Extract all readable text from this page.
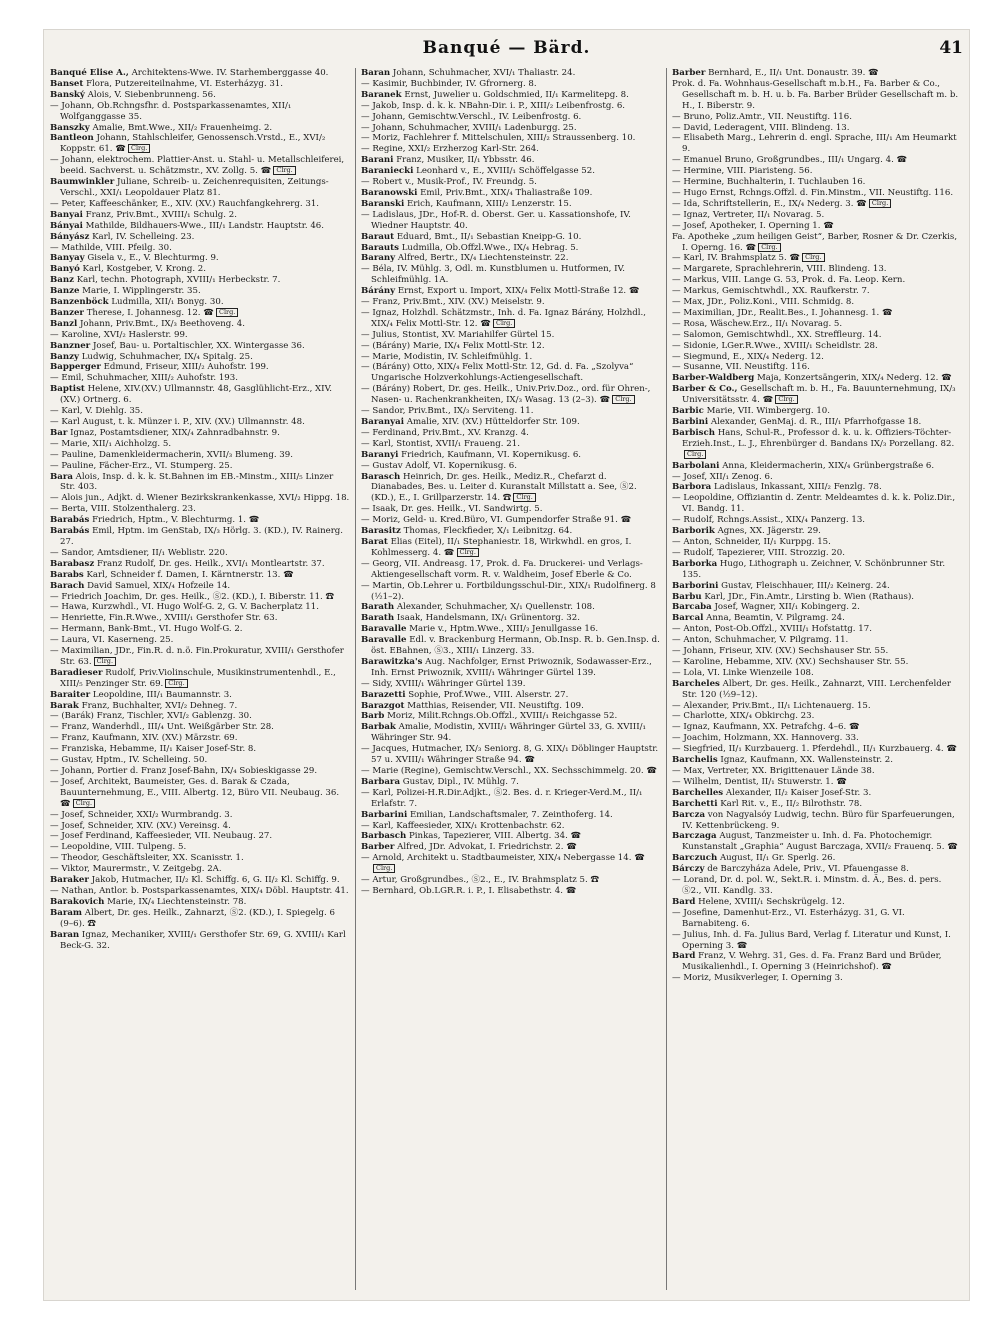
Banqué — Bärd.	41
Banqué Elise A., Architektens-Wwe. IV. Starhemberggasse 40.
Banset Flora, Putzereiteilnahme, VI. Esterházyg. 31.
Banský Alois, V. Siebenbrunneng. 56.
— Johann, Ob.Rchngsfhr. d. Postsparkassenamtes, XII/₁ Wolfganggasse 35.
Banszky Amalie, Bmt.Wwe., XII/₂ Frauenheimg. 2.
Bantleon Johann, Stahlschleifer, Genossensch.Vrstd., E., XVI/₂ Koppstr. 61. ☎ Clrg.
— Johann, elektrochem. Plattier-Anst. u. Stahl- u. Metallschleiferei, beeid. Sachverst. u. Schätzmstr., XV. Zollg. 5. ☎ Clrg.
Baumwinkler Juliane, Schreib- u. Zeichenrequisiten, Zeitungs-Verschl., XXI/₁ Leopoldauer Platz 81.
— Peter, Kaffeeschänker, E., XIV. (XV.) Rauchfangkehrerg. 31.
Banyai Franz, Priv.Bmt., XVIII/₁ Schulg. 2.
Bányai Mathilde, Bildhauers-Wwe., III/₁ Landstr. Hauptstr. 46.
Bányász Karl, IV. Schelleing. 23.
— Mathilde, VIII. Pfeilg. 30.
Banyay Gisela v., E., V. Blechturmg. 9.
Banyó Karl, Kostgeber, V. Krong. 2.
Banz Karl, techn. Photograph, XVIII/₁ Herbeckstr. 7.
Banze Marie, I. Wipplingerstr. 35.
Banzenböck Ludmilla, XII/₁ Bonyg. 30.
Banzer Therese, I. Johannesg. 12. ☎ Clrg.
Banzl Johann, Priv.Bmt., IX/₃ Beethoveng. 4.
— Karoline, XVI/₂ Haslerstr. 99.
Banzner Josef, Bau- u. Portaltischler, XX. Wintergasse 36.
Banzy Ludwig, Schuhmacher, IX/₄ Spitalg. 25.
Bapperger Edmund, Friseur, XIII/₂ Auhofstr. 199.
— Emil, Schuhmacher, XIII/₂ Auhofstr. 193.
Baptist Helene, XIV.(XV.) Ullmannstr. 48, Gasglühlicht-Erz., XIV. (XV.) Ortnerg. 6.
— Karl, V. Diehlg. 35.
— Karl August, t. k. Münzer i. P., XIV. (XV.) Ullmannstr. 48.
Bar Ignaz, Postamtsdiener, XIX/₄ Zahnradbahnstr. 9.
— Marie, XII/₁ Aichholzg. 5.
— Pauline, Damenkleidermacherin, XVII/₃ Blumeng. 39.
— Pauline, Fächer-Erz., VI. Stumperg. 25.
Bara Alois, Insp. d. k. k. St.Bahnen im EB.-Minstm., XIII/₅ Linzer Str. 403.
— Alois jun., Adjkt. d. Wiener Bezirkskrankenkasse, XVI/₂ Hippg. 18.
— Berta, VIII. Stolzenthalerg. 23.
Barabás Friedrich, Hptm., V. Blechturmg. 1. ☎
Barabás Emil, Hptm. im GenStab, IX/₃ Hörlg. 3. (KD.), IV. Rainerg. 27.
— Sandor, Amtsdiener, II/₁ Weblistr. 220.
Barabasz Franz Rudolf, Dr. ges. Heilk., XVI/₁ Montleartstr. 37.
Barabs Karl, Schneider f. Damen, I. Kärntnerstr. 13. ☎
Barach David Samuel, XIX/₄ Hofzeile 14.
— Friedrich Joachim, Dr. ges. Heilk., Ⓢ2. (KD.), I. Biberstr. 11. ☎
— Hawa, Kurzwhdl., VI. Hugo Wolf-G. 2, G. V. Bacherplatz 11.
— Henriette, Fin.R.Wwe., XVIII/₁ Gersthofer Str. 63.
— Hermann, Bank-Bmt., VI. Hugo Wolf-G. 2.
— Laura, VI. Kaserneng. 25.
— Maximilian, JDr., Fin.R. d. n.ö. Fin.Prokuratur, XVIII/₁ Gersthofer Str. 63. Clrg.
Baradieser Rudolf, Priv.Violinschule, Musikinstrumentenhdl., E., XIII/₅ Penzinger Str. 69. Clrg.
Baraiter Leopoldine, III/₁ Baumannstr. 3.
Barak Franz, Buchhalter, XVI/₂ Dehneg. 7.
— (Barák) Franz, Tischler, XVI/₂ Gablenzg. 30.
— Franz, Wanderhdl., III/₄ Unt. Weißgärber Str. 28.
— Franz, Kaufmann, XIV. (XV.) Märzstr. 69.
— Franziska, Hebamme, II/₁ Kaiser Josef-Str. 8.
— Gustav, Hptm., IV. Schelleing. 50.
— Johann, Portier d. Franz Josef-Bahn, IX/₄ Sobieskigasse 29.
— Josef, Architekt, Baumeister, Ges. d. Barak & Czada, Bauunternehmung, E., VIII. Albertg. 12, Büro VII. Neubaug. 36. ☎ Clrg.
— Josef, Schneider, XXI/₂ Wurmbrandg. 3.
— Josef, Schneider, XIV. (XV.) Vereinsg. 4.
— Josef Ferdinand, Kaffeesieder, VII. Neubaug. 27.
— Leopoldine, VIII. Tulpeng. 5.
— Theodor, Geschäftsleiter, XX. Scanisstr. 1.
— Viktor, Maurermstr., V. Zeitgebg. 2A.
Baraker Jakob, Hutmacher, II/₂ Kl. Schiffg. 6, G. II/₂ Kl. Schiffg. 9.
— Nathan, Antlor. b. Postsparkassenamtes, XIX/₄ Döbl. Hauptstr. 41.
Barakovich Marie, IX/₄ Liechtensteinstr. 78.
Baram Albert, Dr. ges. Heilk., Zahnarzt, Ⓢ2. (KD.), I. Spiegelg. 6 (9–6). ☎
Baran Ignaz, Mechaniker, XVIII/₁ Gersthofer Str. 69, G. XVIII/₁ Karl Beck-G. 32.
Baran Johann, Schuhmacher, XVI/₁ Thaliastr. 24.
— Kasimir, Buchbinder, IV. Gfrornerg. 8.
Baranek Ernst, Juwelier u. Goldschmied, II/₁ Karmelitерg. 8.
— Jakob, Insp. d. k. k. NBahn-Dir. i. P., XIII/₂ Leibenfrostg. 6.
— Johann, Gemischtw.Verschl., IV. Leibenfrostg. 6.
— Johann, Schuhmacher, XVIII/₁ Ladenburgg. 25.
— Moriz, Fachlehrer f. Mittelschulen, XIII/₂ Straussenberg. 10.
— Regine, XXI/₂ Erzherzog Karl-Str. 264.
Barani Franz, Musiker, II/₁ Ybbsstr. 46.
Baraniecki Leonhard v., E., XVIII/₁ Schöffelgasse 52.
— Robert v., Musik-Prof., IV. Freundg. 5.
Baranowski Emil, Priv.Bmt., XIX/₄ Thaliastraße 109.
Baranski Erich, Kaufmann, XIII/₂ Lenzerstr. 15.
— Ladislaus, JDr., Hof-R. d. Oberst. Ger. u. Kassationshofe, IV. Wiedner Hauptstr. 40.
Baraut Eduard, Bmt., II/₁ Sebastian Kneipp-G. 10.
Barauts Ludmilla, Ob.Offzl.Wwe., IX/₄ Hebrag. 5.
Barany Alfred, Bertr., IX/₄ Liechtensteinstr. 22.
— Béla, IV. Mühlg. 3, Odl. m. Kunstblumen u. Hutformen, IV. Schleifmühlg. 1A.
Bárány Ernst, Export u. Import, XIX/₄ Felix Mottl-Straße 12. ☎
— Franz, Priv.Bmt., XIV. (XV.) Meiselstr. 9.
— Ignaz, Holzhdl. Schätzmstr., Inh. d. Fa. Ignaz Bárány, Holzhdl., XIX/₄ Felix Mottl-Str. 12. ☎ Clrg.
— Julius, Stontist, XV. Mariahilfer Gürtel 15.
— (Bárány) Marie, IX/₄ Felix Mottl-Str. 12.
— Marie, Modistin, IV. Schleifmühlg. 1.
— (Bárány) Otto, XIX/₄ Felix Mottl-Str. 12, Gd. d. Fa. „Szolyva“ Ungarische Holzverkohlungs-Actiengesellschaft.
— (Bárány) Robert, Dr. ges. Heilk., Univ.Priv.Doz., ord. für Ohren-, Nasen- u. Rachenkrankheiten, IX/₃ Wasag. 13 (2–3). ☎ Clrg.
— Sandor, Priv.Bmt., IX/₃ Serviteng. 11.
Baranyai Amalie, XIV. (XV.) Hütteldorfer Str. 109.
— Ferdinand, Priv.Bmt., XV. Kranzg. 4.
— Karl, Stontist, XVII/₁ Fraueng. 21.
Baranyi Friedrich, Kaufmann, VI. Kopernikusg. 6.
— Gustav Adolf, VI. Kopernikusg. 6.
Barasch Heinrich, Dr. ges. Heilk., Mediz.R., Chefarzt d. Dianabades, Bes. u. Leiter d. Kuranstalt Millstatt a. See, Ⓢ2. (KD.), E., I. Grillparzerstr. 14. ☎ Clrg.
— Isaak, Dr. ges. Heilk., VI. Sandwirtg. 5.
— Moriz, Geld- u. Kred.Büro, VI. Gumpendorfer Straße 91. ☎
Barasitz Thomas, Fleckfieder, X/₁ Leibnitzg. 64.
Barat Elias (Eitel), II/₁ Stephaniestr. 18, Wirkwhdl. en gros, I. Kohlmesserg. 4. ☎ Clrg.
— Georg, VII. Andreasg. 17, Prok. d. Fa. Druckerei- und Verlags-Aktiengesellschaft vorm. R. v. Waldheim, Josef Eberle & Co.
— Martin, Ob.Lehrer u. Fortbildungsschul-Dir., XIX/₁ Rudolfinerg. 8 (½1–2).
Barath Alexander, Schuhmacher, X/₁ Quellenstr. 108.
Barath Isaak, Handelsmann, IX/₁ Grünentorg. 32.
Baravalle Marie v., Hptm.Wwe., XIII/₃ Jenullgasse 16.
Baravalle Edl. v. Brackenburg Hermann, Ob.Insp. R. b. Gen.Insp. d. öst. EBahnen, Ⓢ3., XIII/₁ Linzerg. 33.
Barawitzka's Aug. Nachfolger, Ernst Priwoznik, Sodawasser-Erz., Inh. Ernst Priwoznik, XVIII/₁ Währinger Gürtel 139.
— Sidy, XVIII/₁ Währinger Gürtel 139.
Barazetti Sophie, Prof.Wwe., VIII. Alserstr. 27.
Barazgot Matthias, Reisender, VII. Neustiftg. 109.
Barb Moriz, Milit.Rchngs.Ob.Offzl., XVIII/₁ Reichgasse 52.
Barbak Amalie, Modistin, XVIII/₁ Währinger Gürtel 33, G. XVIII/₁ Währinger Str. 94.
— Jacques, Hutmacher, IX/₃ Seniorg. 8, G. XIX/₁ Döblinger Hauptstr. 57 u. XVIII/₁ Währinger Straße 94. ☎
— Marie (Regine), Gemischtw.Verschl., XX. Sechsschimmelg. 20. ☎
Barbara Gustav, Dipl., IV. Mühlg. 7.
— Karl, Polizei-H.R.Dir.Adjkt., Ⓢ2. Bes. d. r. Krieger-Verd.M., II/₁ Erlafstr. 7.
Barbarini Emilian, Landschaftsmaler, 7. Zeinthoferg. 14.
— Karl, Kaffeesieder, XIX/₁ Krottenbachstr. 62.
Barbasch Pinkas, Tapezierer, VIII. Albertg. 34. ☎
Barber Alfred, JDr. Advokat, I. Friedrichstr. 2. ☎
— Arnold, Architekt u. Stadtbaumeister, XIX/₄ Nebergasse 14. ☎Clrg.
— Artur, Großgrundbes., Ⓢ2., E., IV. Brahmsplatz 5. ☎
— Bernhard, Ob.LGR.R. i. P., I. Elisabethstr. 4. ☎
Barber Bernhard, E., II/₁ Unt. Donaustr. 39. ☎
Prok. d. Fa. Wohnhaus-Gesellschaft m.b.H., Fa. Barber & Co., Gesellschaft m. b. H. u. b. Fa. Barber Brüder Gesellschaft m. b. H., I. Biberstr. 9.
— Bruno, Poliz.Amtr., VII. Neustiftg. 116.
— David, Lederagent, VIII. Blindeng. 13.
— Elisabeth Marg., Lehrerin d. engl. Sprache, III/₁ Am Heumarkt 9.
— Emanuel Bruno, Großgrundbes., III/₁ Ungarg. 4. ☎
— Hermine, VIII. Piaristeng. 56.
— Hermine, Buchhalterin, I. Tuchlauben 16.
— Hugo Ernst, Rchngs.Offzl. d. Fin.Minstm., VII. Neustiftg. 116.
— Ida, Schriftstellerin, E., IX/₄ Nederg. 3. ☎ Clrg.
— Ignaz, Vertreter, II/₁ Novarag. 5.
— Josef, Apotheker, I. Operning 1. ☎
Fa. Apotheke „zum heiligen Geist“, Barber, Rosner & Dr. Czerkis, I. Operng. 16. ☎ Clrg.
— Karl, IV. Brahmsplatz 5. ☎ Clrg.
— Margarete, Sprachlehrerin, VIII. Blindeng. 13.
— Markus, VIII. Lange G. 53, Prok. d. Fa. Leop. Kern.
— Markus, Gemischtwhdl., XX. Raufkerstr. 7.
— Max, JDr., Poliz.Koni., VIII. Schmidg. 8.
— Maximilian, JDr., Realit.Bes., I. Johannesg. 1. ☎
— Rosa, Wäschew.Erz., II/₁ Novarag. 5.
— Salomon, Gemischtwhdl., XX. Streffleurg. 14.
— Sidonie, LGer.R.Wwe., XVIII/₁ Scheidlstr. 28.
— Siegmund, E., XIX/₄ Nederg. 12.
— Susanne, VII. Neustiftg. 116.
Barber-Waldberg Maja, Konzertsängerin, XIX/₄ Nederg. 12. ☎
Barber & Co., Gesellschaft m. b. H., Fa. Bauunternehmung, IX/₃ Universitätsstr. 4. ☎ Clrg.
Barbic Marie, VII. Wimbergerg. 10.
Barbini Alexander, GenMaj. d. R., III/₁ Pfarrhofgasse 18.
Barbisch Hans, Schul-R., Professor d. k. u. k. Offiziers-Töchter-Erzieh.Inst., L. J., Ehrenbürger d. Bandans IX/₃ Porzellang. 82.Clrg.
Barbolani Anna, Kleidermacherin, XIX/₄ Grünbergstraße 6.
— Josef, XII/₁ Zenog. 6.
Barbora Ladislaus, Inkassant, XIII/₂ Fenzlg. 78.
— Leopoldine, Offiziantin d. Zentr. Meldeamtes d. k. k. Poliz.Dir., VI. Bandg. 11.
— Rudolf, Rchngs.Assist., XIX/₄ Panzerg. 13.
Barborik Agnes, XX. Jägerstr. 29.
— Anton, Schneider, II/₁ Kurppg. 15.
— Rudolf, Tapezierer, VIII. Strozzig. 20.
Barborka Hugo, Lithograph u. Zeichner, V. Schönbrunner Str. 135.
Barborini Gustav, Fleischhauer, III/₂ Keinerg. 24.
Barbu Karl, JDr., Fin.Amtr., Lirsting b. Wien (Rathaus).
Barcaba Josef, Wagner, XII/₁ Kobingerg. 2.
Barcal Anna, Beamtin, V. Pilgramg. 24.
— Anton, Post-Ob.Offzl., XVIII/₁ Hofstattg. 17.
— Anton, Schuhmacher, V. Pilgramg. 11.
— Johann, Friseur, XIV. (XV.) Sechshauser Str. 55.
— Karoline, Hebamme, XIV. (XV.) Sechshauser Str. 55.
— Lola, VI. Linke Wienzeile 108.
Barcheles Albert, Dr. ges. Heilk., Zahnarzt, VIII. Lerchenfelder Str. 120 (½9–12).
— Alexander, Priv.Bmt., II/₁ Lichtenauerg. 15.
— Charlotte, XIX/₄ Obkirchg. 23.
— Ignaz, Kaufmann, XX. Petrafchg. 4–6. ☎
— Joachim, Holzmann, XX. Hannoverg. 33.
— Siegfried, II/₁ Kurzbauerg. 1. Pferdehdl., II/₁ Kurzbauerg. 4. ☎
Barchelis Ignaz, Kaufmann, XX. Wallensteinstr. 2.
— Max, Vertreter, XX. Brigittenauer Lände 38.
— Wilhelm, Dentist, II/₁ Stuwerstr. 1. ☎
Barchelles Alexander, II/₂ Kaiser Josef-Str. 3.
Barchetti Karl Rit. v., E., II/₂ Bilrothstr. 78.
Barcza von Nagyalsóy Ludwig, techn. Büro für Sparfeuerungen, IV. Kettenbrückeng. 9.
Barczaga August, Tanzmeister u. Inh. d. Fa. Photochemigr. Kunstanstalt „Graphia“ August Barczaga, XVII/₂ Frauenq. 5. ☎
Barczuch August, II/₁ Gr. Sperlg. 26.
Bárczy de Barczyháza Adele, Priv., VI. Pfauengasse 8.
— Lorand, Dr. d. pol. W., Sekt.R. i. Minstm. d. Ä., Bes. d. pers. Ⓢ2., VII. Kandlg. 33.
Bard Helene, XVIII/₁ Sechskrügelg. 12.
— Josefine, Damenhut-Erz., VI. Esterházyg. 31, G. VI. Barnabiteng. 6.
— Julius, Inh. d. Fa. Julius Bard, Verlag f. Literatur und Kunst, I. Operning 3. ☎
Bard Franz, V. Wehrg. 31, Ges. d. Fa. Franz Bard und Brüder, Musikalienhdl., I. Operning 3 (Heinrichshof). ☎
— Moriz, Musikverleger, I. Operning 3.
